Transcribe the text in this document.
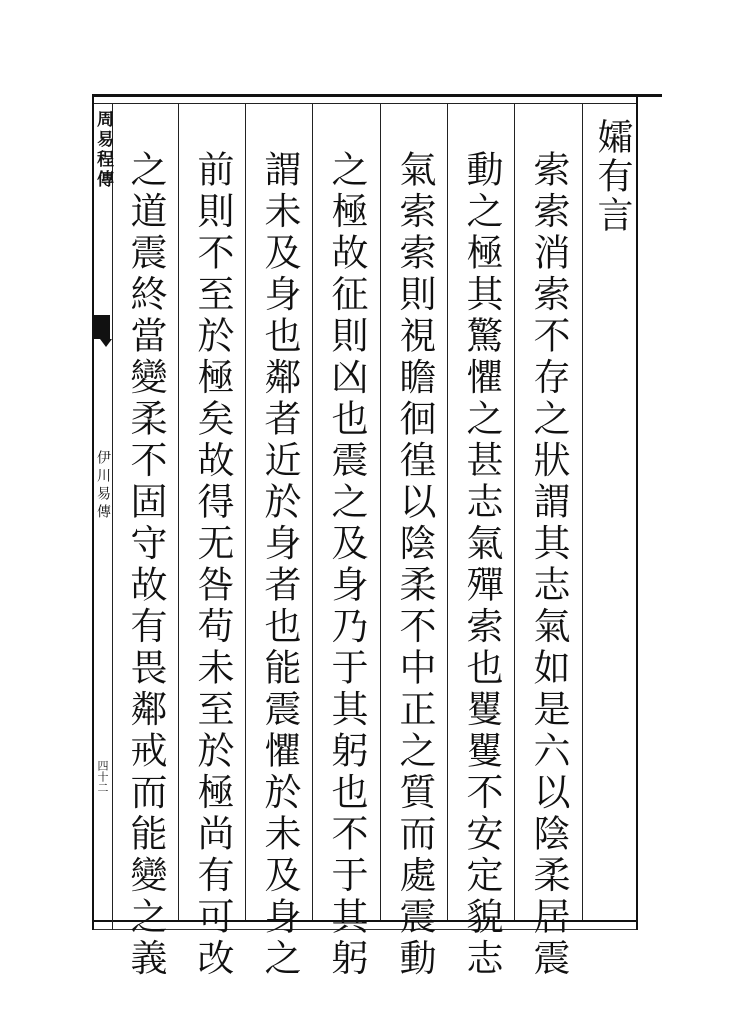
周易程傳
伊川易傳
四十二
孀有言
索索消索不存之狀謂其志氣如是六以陰柔居震
動之極其驚懼之甚志氣殫索也矍矍不安定貌志
氣索索則視瞻徊徨以陰柔不中正之質而處震動
之極故征則凶也震之及身乃于其躬也不于其躬
謂未及身也鄰者近於身者也能震懼於未及身之
前則不至於極矣故得无咎苟未至於極尚有可改
之道震終當變柔不固守故有畏鄰戒而能變之義
